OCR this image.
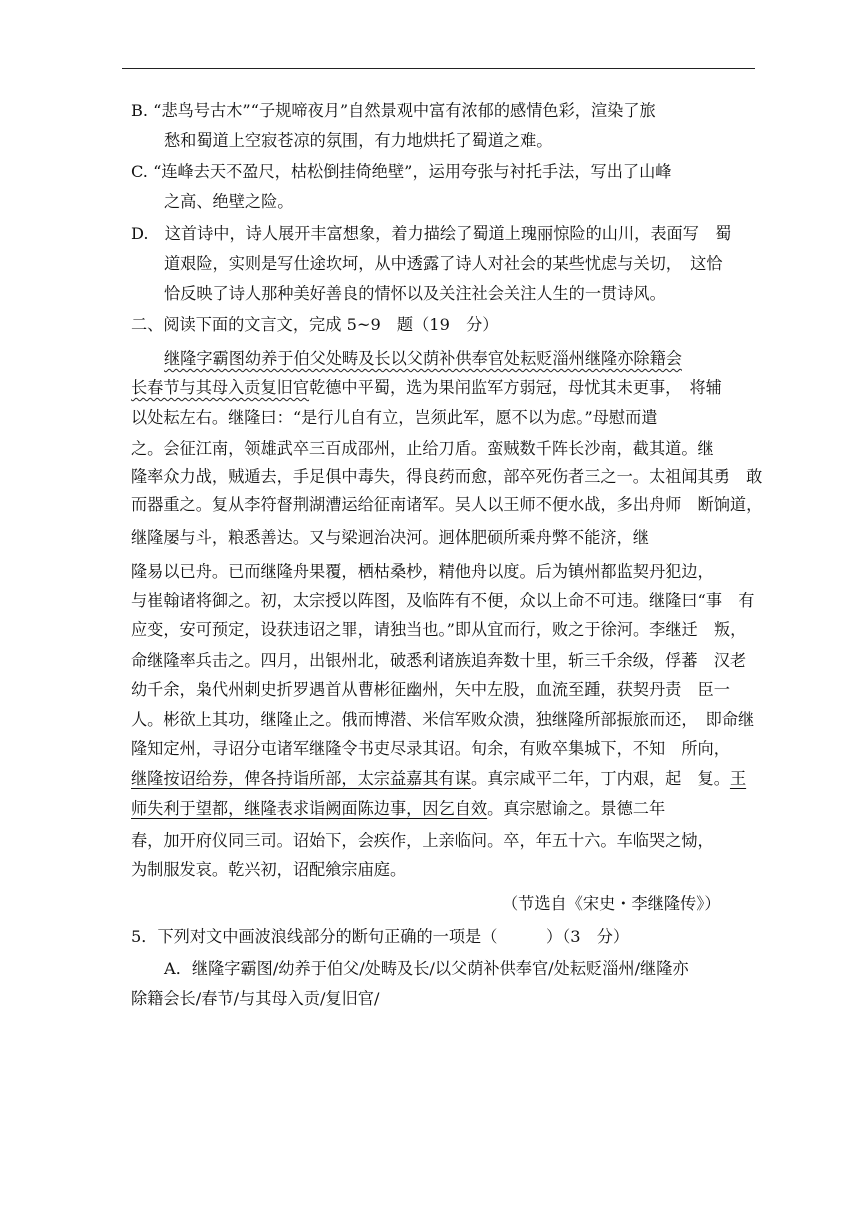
B. “悲鸟号古木”“子规啼夜月”自然景观中富有浓郁的感情色彩，渲染了旅
愁和蜀道上空寂苍凉的氛围，有力地烘托了蜀道之难。
C. “连峰去天不盈尺，枯松倒挂倚绝壁”，运用夸张与衬托手法，写出了山峰
之高、绝壁之险。
D.　这首诗中，诗人展开丰富想象，着力描绘了蜀道上瑰丽惊险的山川，表面写　蜀
道艰险，实则是写仕途坎坷，从中透露了诗人对社会的某些忧虑与关切，　这恰
恰反映了诗人那种美好善良的情怀以及关注社会关注人生的一贯诗风。
二、阅读下面的文言文，完成 5~9　题（19　分）
继隆字霸图幼养于伯父处畴及长以父荫补供奉官处耘贬淄州继隆亦除籍会
长春节与其母入贡复旧官乾德中平蜀，选为果闬监军方弱冠，母忧其未更事，　将辅
以处耘左右。继隆曰：“是行儿自有立，岂须此军，愿不以为虑。”母慰而遣
之。会征江南，领雄武卒三百成邵州，止给刀盾。蛮贼数千阵长沙南，截其道。继
隆率众力战，贼遁去，手足俱中毒失，得良药而愈，部卒死伤者三之一。太祖闻其勇　敢
而器重之。复从李符督荆湖漕运给征南诸军。吴人以王师不便水战，多出舟师　断饷道，
继隆屡与斗，粮悉善达。又与梁迥治决河。迥体肥硕所乘舟弊不能济，继
隆易以已舟。已而继隆舟果覆，栖枯桑杪，精他舟以度。后为镇州都监契丹犯边，
与崔翰诸将御之。初，太宗授以阵图，及临阵有不便，众以上命不可违。继隆曰“事　有
应变，安可预定，设获违诏之罪，请独当也。”即从宜而行，败之于徐河。李继迁　叛，
命继隆率兵击之。四月，出银州北，破悉利诸族追奔数十里，斩三千余级，俘蕃　汉老
幼千余，枭代州刺史折罗遇首从曹彬征幽州，矢中左股，血流至踵，获契丹责　臣一
人。彬欲上其功，继隆止之。俄而博潜、米信军败众溃，独继隆所部振旅而还，　即命继
隆知定州，寻诏分屯诸军继隆令书吏尽录其诏。旬余，有败卒集城下，不知　所向，
继隆按诏给券，俾各持诣所部，太宗益嘉其有谋。真宗咸平二年，丁内艰，起　复。王
师失利于望都，继隆表求诣阙面陈边事，因乞自效。真宗慰谕之。景德二年
春，加开府仪同三司。诏始下，会疾作，上亲临问。卒，年五十六。车临哭之恸，
为制服发哀。乾兴初，诏配飨宗庙庭。
（节选自《宋史・李继隆传》）
5．下列对文中画波浪线部分的断句正确的一项是（　　　）（3　分）
A．继隆字霸图/幼养于伯父/处畴及长/以父荫补供奉官/处耘贬淄州/继隆亦
除籍会长/春节/与其母入贡/复旧官/
